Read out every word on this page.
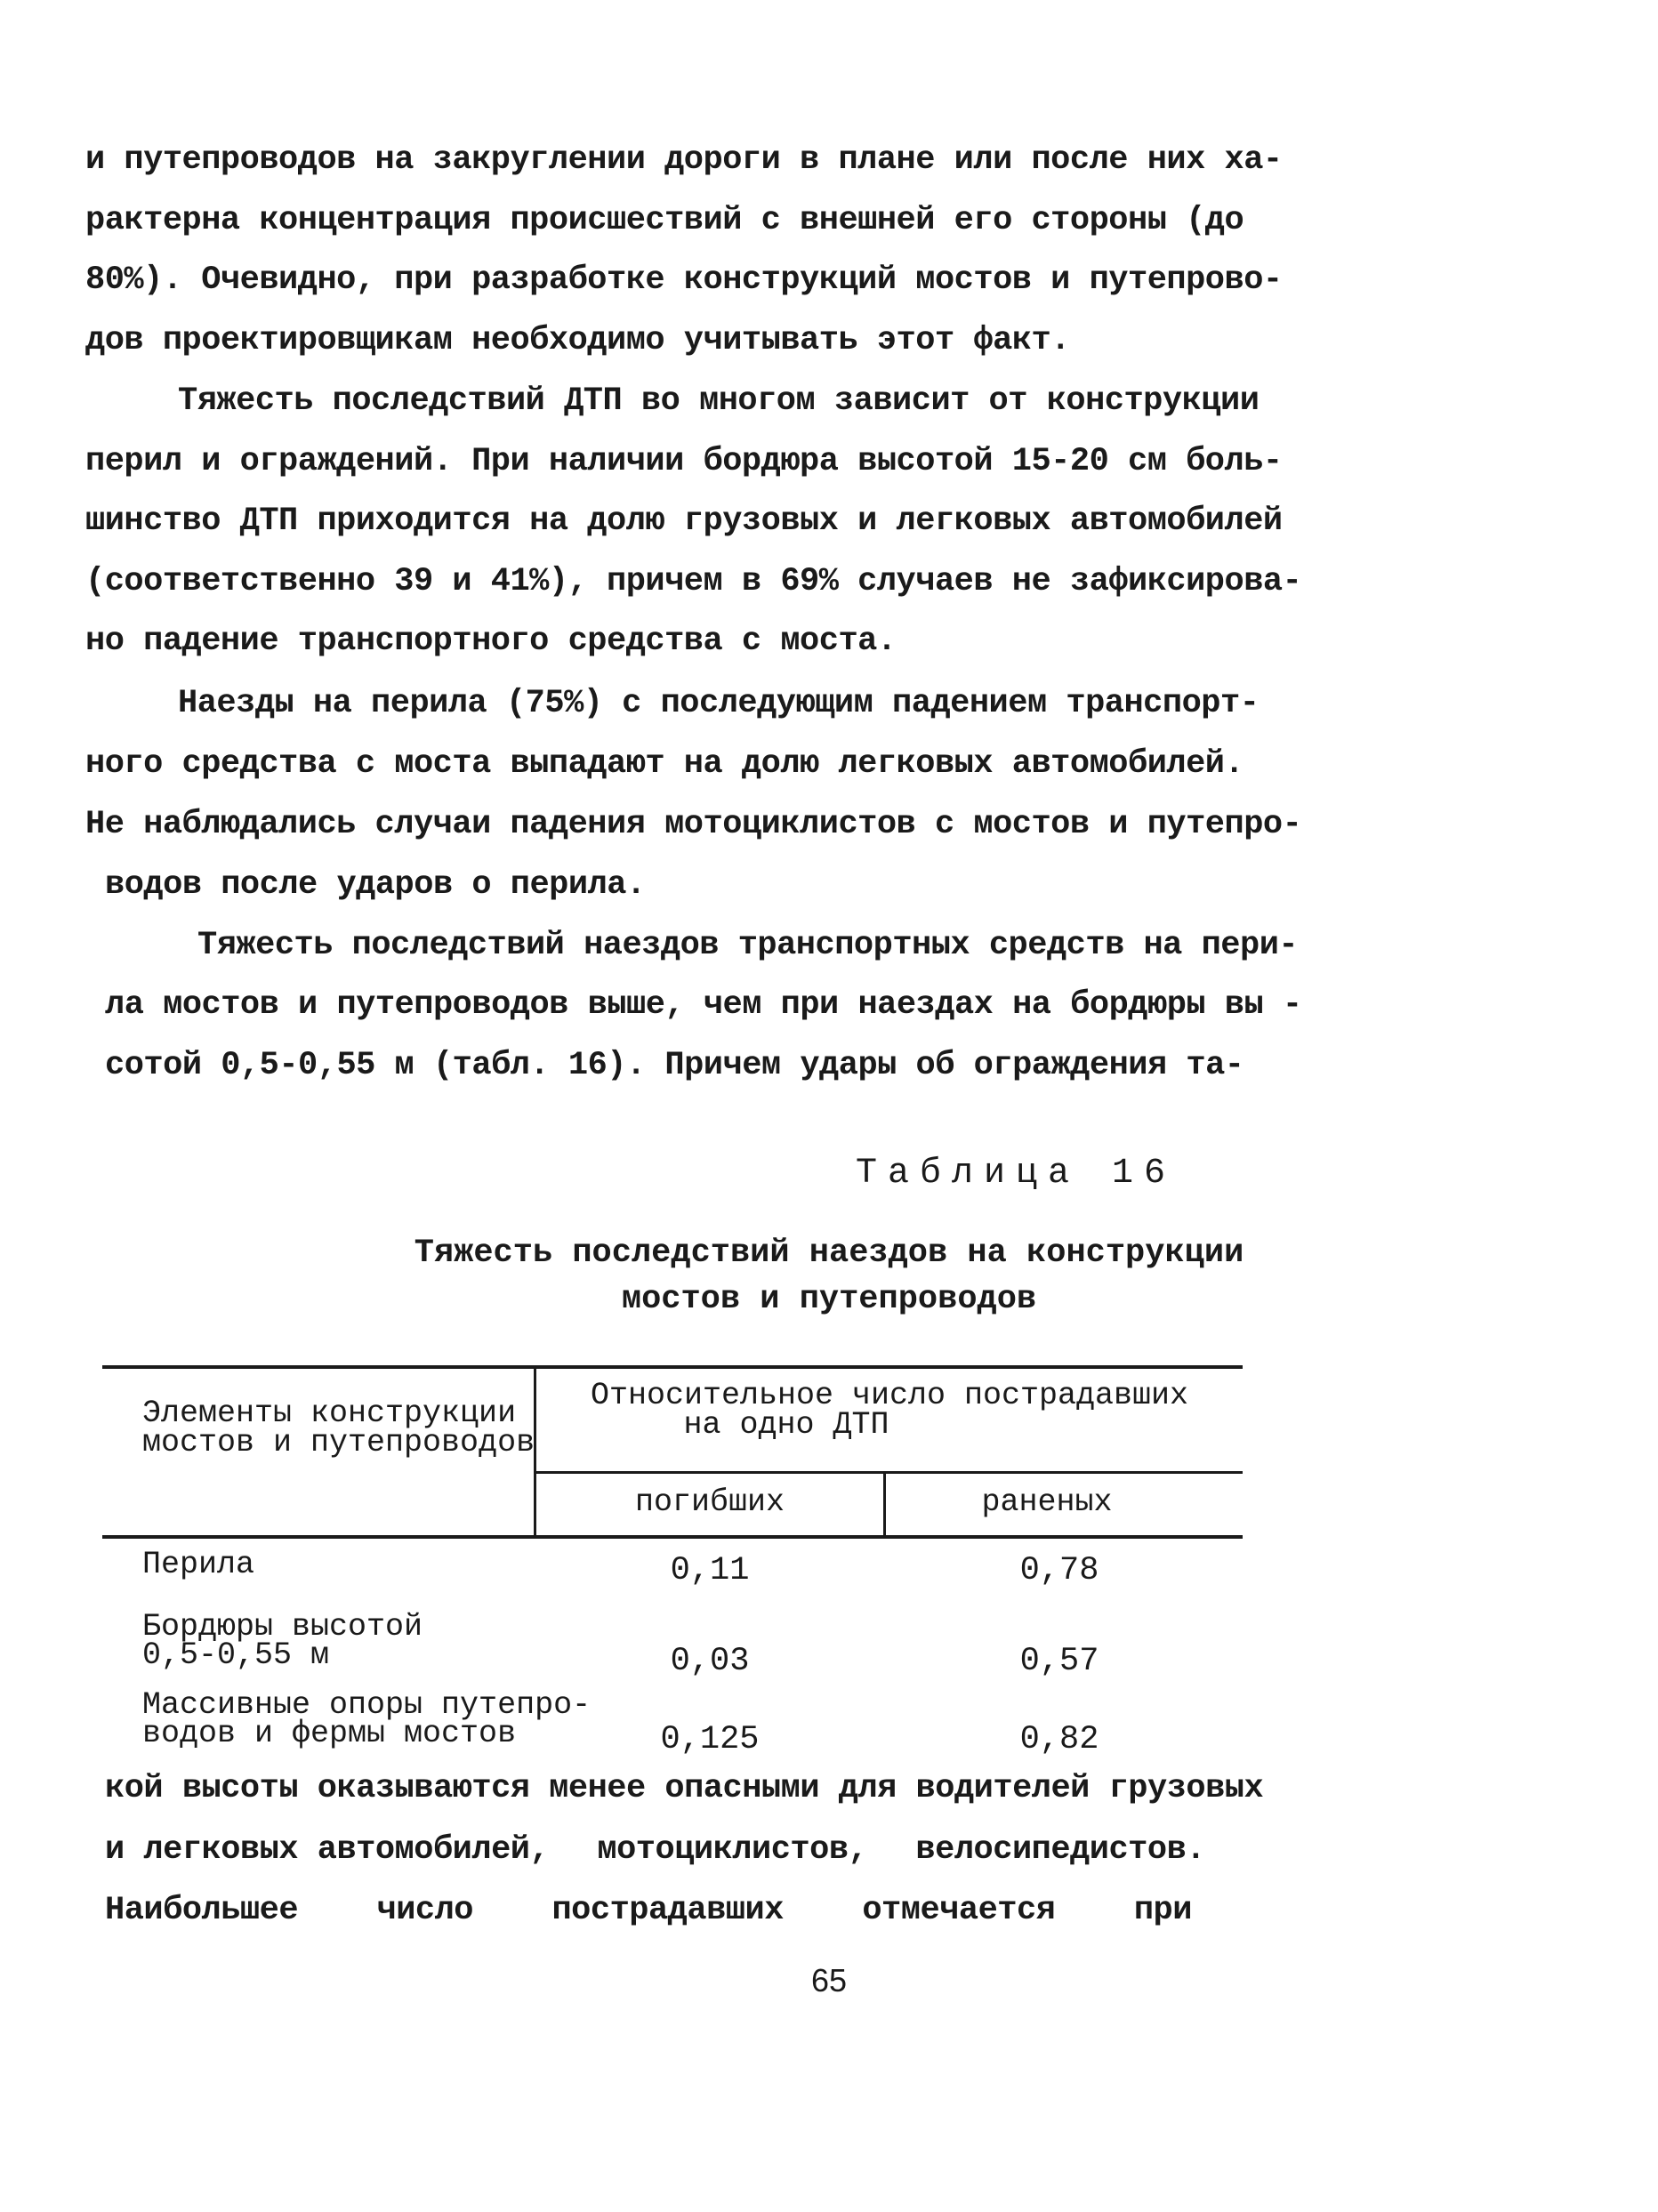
и путепроводов на закруглении дороги в плане или после них ха-
рактерна концентрация происшествий с внешней его стороны (до
80%). Очевидно, при разработке конструкций мостов и путепрово-
дов проектировщикам необходимо учитывать этот факт.
Тяжесть последствий ДТП во многом зависит от конструкции
перил и ограждений. При наличии бордюра высотой 15-20 см боль-
шинство ДТП приходится на долю грузовых и легковых автомобилей
(соответственно 39 и 41%), причем в 69% случаев не зафиксирова-
но падение транспортного средства с моста.
Наезды на перила (75%) с последующим падением транспорт-
ного средства с моста выпадают на долю легковых автомобилей.
Не наблюдались случаи падения мотоциклистов с мостов и путепро-
водов после ударов о перила.
Тяжесть последствий наездов транспортных средств на пери-
ла мостов и путепроводов выше, чем при наездах на бордюры вы -
сотой 0,5-0,55 м (табл. 16). Причем удары об ограждения та-
Таблица 16
Тяжесть последствий наездов на конструкции
мостов и путепроводов
Элементы конструкции
мостов и путепроводов
Относительное число пострадавших
на одно ДТП
погибших	раненых
Перила	0,11	0,78
Бордюры высотой
0,5-0,55 м	0,03	0,57
Массивные опоры путепро-
водов и фермы мостов	0,125	0,82
кой высоты оказываются менее опасными для водителей грузовых
и легковых автомобилей, мотоциклистов, велосипедистов.
Наибольшее число пострадавших отмечается при
65
